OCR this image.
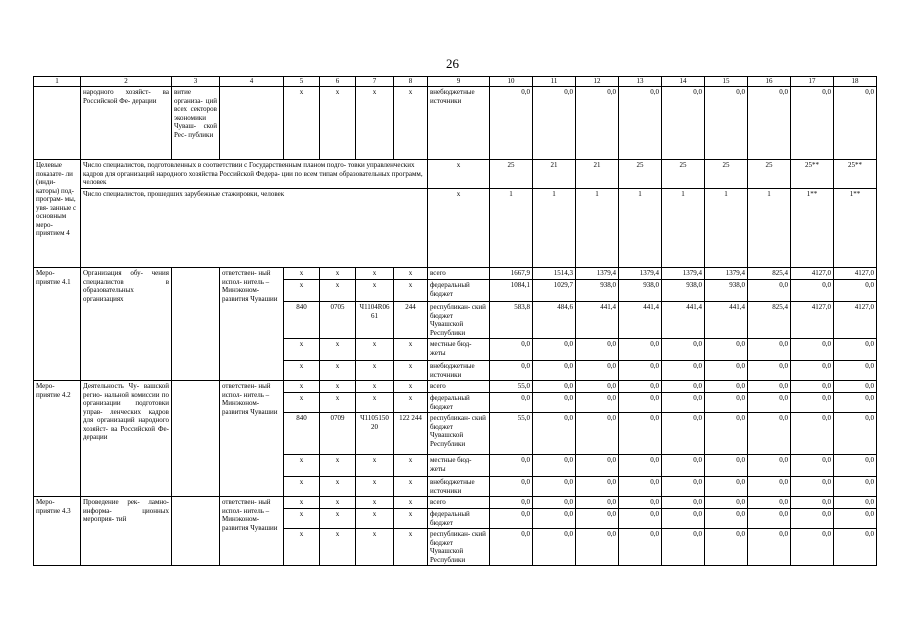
26
1	2	3	4	5	6	7	8	9	10	11	12	13	14	15	16	17	18
	народного хозяйст- ва Российской Фе- дерации	витие организа- ций всех секторов экономики Чуваш- ской Рес- публики		x	x	x	x	внебюджетные источники	0,0	0,0	0,0	0,0	0,0	0,0	0,0	0,0	0,0
Целевые показате- ли (инди- каторы) под- програм- мы, увя- занные с основным меро- приятием 4	Число специалистов, подготовленных в соответствии с Государственным планом подго- товки управленческих кадров для организаций народного хозяйства Российской Федера- ции по всем типам образовательных программ, человек							x	25	21	21	25	25	25	25	25**	25**
	Число специалистов, прошедших зарубежные стажировки, человек							x	1	1	1	1	1	1	1	1**	1**
Меро- приятие 4.1	Организация обу- чения специалистов в образовательных организациях		ответствен- ный испол- нитель – Минэконом- развития Чувашии	x	x	x	x	всего	1667,9	1514,3	1379,4	1379,4	1379,4	1379,4	825,4	4127,0	4127,0
				x	x	x	x	федеральный бюджет	1084,1	1029,7	938,0	938,0	938,0	938,0	0,0	0,0	0,0
				840	0705	Ч1104R06 61	244	республикан- ский бюджет Чувашской Республики	583,8	484,6	441,4	441,4	441,4	441,4	825,4	4127,0	4127,0
				x	x	x	x	местные бюд- жеты	0,0	0,0	0,0	0,0	0,0	0,0	0,0	0,0	0,0
				x	x	x	x	внебюджетные источники	0,0	0,0	0,0	0,0	0,0	0,0	0,0	0,0	0,0
Меро- приятие 4.2	Деятельность Чу- вашской регио- нальной комиссии по организации подготовки управ- ленческих кадров для организаций народного хозяйст- ва Российской Фе- дерации		ответствен- ный испол- нитель – Минэконом- развития Чувашии	x	x	x	x	всего	55,0	0,0	0,0	0,0	0,0	0,0	0,0	0,0	0,0
				x	x	x	x	федеральный бюджет	0,0	0,0	0,0	0,0	0,0	0,0	0,0	0,0	0,0
				840	0709	Ч1105150 20	122 244	республикан- ский бюджет Чувашской Республики	55,0	0,0	0,0	0,0	0,0	0,0	0,0	0,0	0,0
				x	x	x	x	местные бюд- жеты	0,0	0,0	0,0	0,0	0,0	0,0	0,0	0,0	0,0
				x	x	x	x	внебюджетные источники	0,0	0,0	0,0	0,0	0,0	0,0	0,0	0,0	0,0
Меро- приятие 4.3	Проведение рек- ламно-информа- ционных мероприя- тий		ответствен- ный испол- нитель – Минэконом- развития Чувашии	x	x	x	x	всего	0,0	0,0	0,0	0,0	0,0	0,0	0,0	0,0	0,0
				x	x	x	x	федеральный бюджет	0,0	0,0	0,0	0,0	0,0	0,0	0,0	0,0	0,0
				x	x	x	x	республикан- ский бюджет Чувашской Республики	0,0	0,0	0,0	0,0	0,0	0,0	0,0	0,0	0,0
